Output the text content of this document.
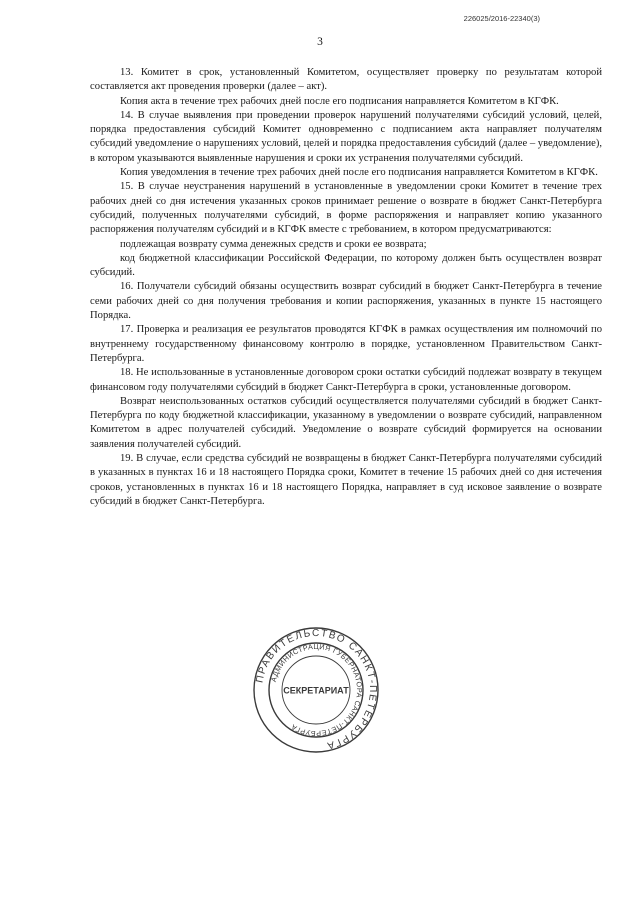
226025/2016-22340(3)
3

13. Комитет в срок, установленный Комитетом, осуществляет проверку по результатам которой составляется акт проведения проверки (далее – акт).

Копия акта в течение трех рабочих дней после его подписания направляется Комитетом в КГФК.

14. В случае выявления при проведении проверок нарушений получателями субсидий условий, целей, порядка предоставления субсидий Комитет одновременно с подписанием акта направляет получателям субсидий уведомление о нарушениях условий, целей и порядка предоставления субсидий (далее – уведомление), в котором указываются выявленные нарушения и сроки их устранения получателями субсидий.

Копия уведомления в течение трех рабочих дней после его подписания направляется Комитетом в КГФК.

15. В случае неустранения нарушений в установленные в уведомлении сроки Комитет в течение трех рабочих дней со дня истечения указанных сроков принимает решение о возврате в бюджет Санкт-Петербурга субсидий, полученных получателями субсидий, в форме распоряжения и направляет копию указанного распоряжения получателям субсидий и в КГФК вместе с требованием, в котором предусматриваются:

подлежащая возврату сумма денежных средств и сроки ее возврата;

код бюджетной классификации Российской Федерации, по которому должен быть осуществлен возврат субсидий.

16. Получатели субсидий обязаны осуществить возврат субсидий в бюджет Санкт-Петербурга в течение семи рабочих дней со дня получения требования и копии распоряжения, указанных в пункте 15 настоящего Порядка.

17. Проверка и реализация ее результатов проводятся КГФК в рамках осуществления им полномочий по внутреннему государственному финансовому контролю в порядке, установленном Правительством Санкт-Петербурга.

18. Не использованные в установленные договором сроки остатки субсидий подлежат возврату в текущем финансовом году получателями субсидий в бюджет Санкт-Петербурга в сроки, установленные договором.

Возврат неиспользованных остатков субсидий осуществляется получателями субсидий в бюджет Санкт-Петербурга по коду бюджетной классификации, указанному в уведомлении о возврате субсидий, направленном Комитетом в адрес получателей субсидий. Уведомление о возврате субсидий формируется на основании заявления получателей субсидий.

19. В случае, если средства субсидий не возвращены в бюджет Санкт-Петербурга получателями субсидий в указанных в пунктах 16 и 18 настоящего Порядка сроки, Комитет в течение 15 рабочих дней со дня истечения сроков, установленных в пунктах 16 и 18 настоящего Порядка, направляет в суд исковое заявление о возврате субсидий в бюджет Санкт-Петербурга.

ПРАВИТЕЛЬСТВО САНКТ-ПЕТЕРБУРГА
АДМИНИСТРАЦИЯ ГУБЕРНАТОРА САНКТ-ПЕТЕРБУРГА
СЕКРЕТАРИАТ
